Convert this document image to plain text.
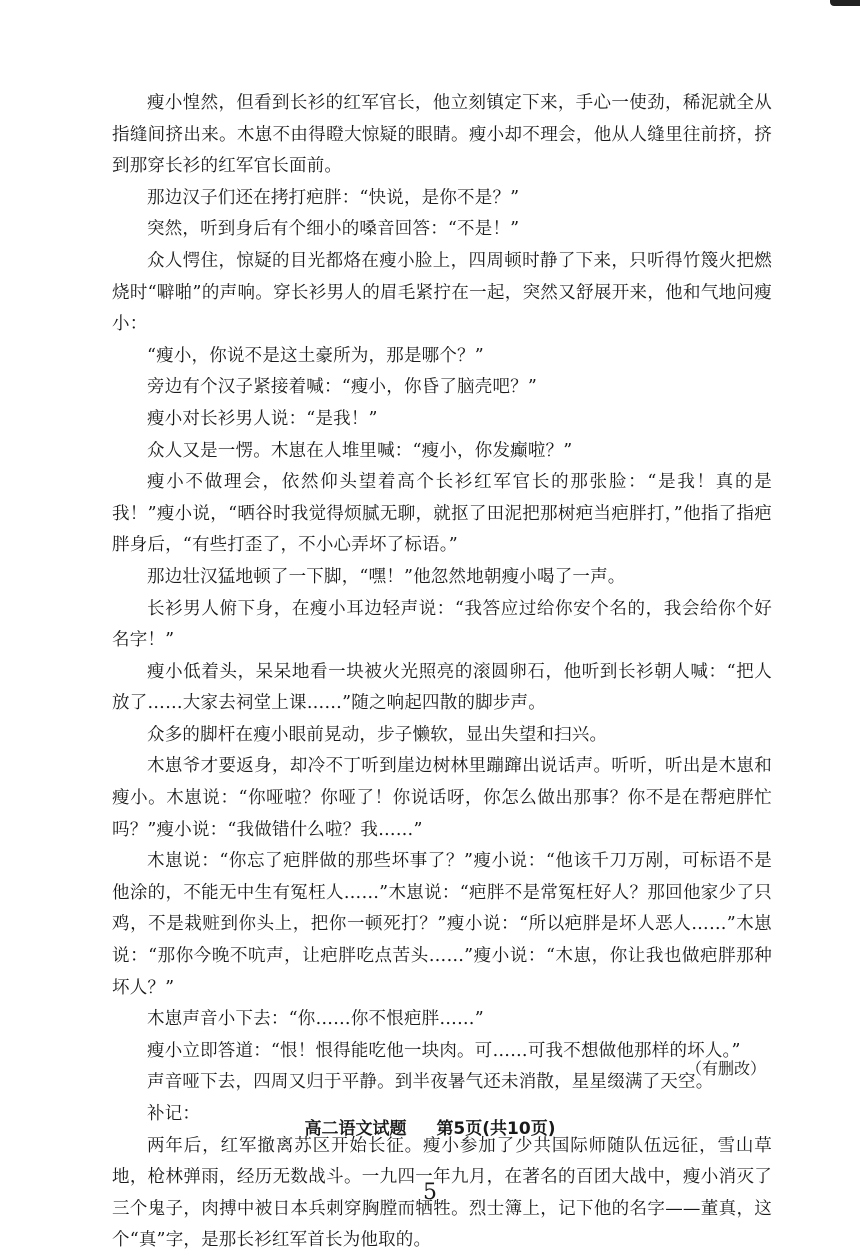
瘦小惶然，但看到长衫的红军官长，他立刻镇定下来，手心一使劲，稀泥就全从指缝间挤出来。木崽不由得瞪大惊疑的眼睛。瘦小却不理会，他从人缝里往前挤，挤到那穿长衫的红军官长面前。

那边汉子们还在拷打疤胖：“快说，是你不是？”

突然，听到身后有个细小的嗓音回答：“不是！”

众人愕住，惊疑的目光都烙在瘦小脸上，四周顿时静了下来，只听得竹篾火把燃烧时“噼啪”的声响。穿长衫男人的眉毛紧拧在一起，突然又舒展开来，他和气地问瘦小：

“瘦小，你说不是这土豪所为，那是哪个？”

旁边有个汉子紧接着喊：“瘦小，你昏了脑壳吧？”

瘦小对长衫男人说：“是我！”

众人又是一愣。木崽在人堆里喊：“瘦小，你发癫啦？”

瘦小不做理会，依然仰头望着高个长衫红军官长的那张脸：“是我！真的是我！”瘦小说，“晒谷时我觉得烦腻无聊，就抠了田泥把那树疤当疤胖打，”他指了指疤胖身后，“有些打歪了，不小心弄坏了标语。”

那边壮汉猛地顿了一下脚，“嘿！”他忽然地朝瘦小喝了一声。

长衫男人俯下身，在瘦小耳边轻声说：“我答应过给你安个名的，我会给你个好名字！”

瘦小低着头，呆呆地看一块被火光照亮的滚圆卵石，他听到长衫朝人喊：“把人放了……大家去祠堂上课……”随之响起四散的脚步声。

众多的脚杆在瘦小眼前晃动，步子懒软，显出失望和扫兴。

木崽爷才要返身，却冷不丁听到崖边树林里蹦蹿出说话声。听听，听出是木崽和瘦小。木崽说：“你哑啦？你哑了！你说话呀，你怎么做出那事？你不是在帮疤胖忙吗？”瘦小说：“我做错什么啦？我……”

木崽说：“你忘了疤胖做的那些坏事了？”瘦小说：“他该千刀万剐，可标语不是他涂的，不能无中生有冤枉人……”木崽说：“疤胖不是常冤枉好人？那回他家少了只鸡，不是栽赃到你头上，把你一顿死打？”瘦小说：“所以疤胖是坏人恶人……”木崽说：“那你今晚不吭声，让疤胖吃点苦头……”瘦小说：“木崽，你让我也做疤胖那种坏人？”

木崽声音小下去：“你……你不恨疤胖……”

瘦小立即答道：“恨！恨得能吃他一块肉。可……可我不想做他那样的坏人。”

声音哑下去，四周又归于平静。到半夜暑气还未消散，星星缀满了天空。

补记：

两年后，红军撤离苏区开始长征。瘦小参加了少共国际师随队伍远征，雪山草地，枪林弹雨，经历无数战斗。一九四一年九月，在著名的百团大战中，瘦小消灭了三个鬼子，肉搏中被日本兵刺穿胸膛而牺牲。烈士簿上，记下他的名字——董真，这个“真”字，是那长衫红军首长为他取的。

（有删改）
高二语文试题 第5页(共10页)
5
